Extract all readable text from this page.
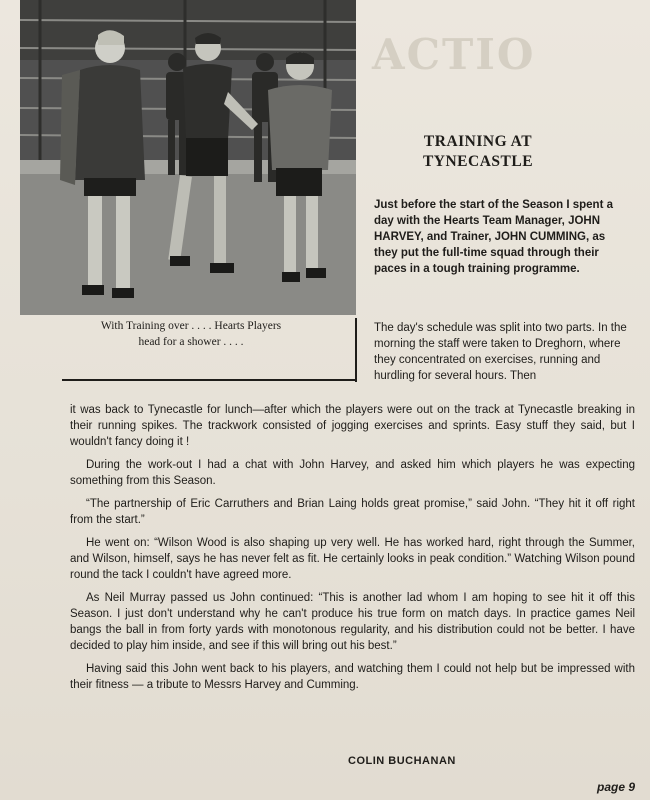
With Training over . . . . Hearts Players
head for a shower . . . .
ACTIO
TRAINING AT
TYNECASTLE
Just before the start of the Season I spent a day with the Hearts Team Manager, JOHN HARVEY, and Trainer, JOHN CUMMING, as they put the full-time squad through their paces in a tough training programme.
The day's schedule was split into two parts. In the morning the staff were taken to Dreghorn, where they concentrated on exercises, running and hurdling for several hours. Then

it was back to Tynecastle for lunch—after which the players were out on the track at Tynecastle breaking in their running spikes. The trackwork consisted of jogging exercises and sprints. Easy stuff they said, but I wouldn't fancy doing it !

During the work-out I had a chat with John Harvey, and asked him which players he was expecting something from this Season.

“The partnership of Eric Carruthers and Brian Laing holds great promise,” said John. “They hit it off right from the start.”

He went on: “Wilson Wood is also shaping up very well. He has worked hard, right through the Summer, and Wilson, himself, says he has never felt as fit. He certainly looks in peak condition.” Watching Wilson pound round the tack I couldn't have agreed more.

As Neil Murray passed us John continued: “This is another lad whom I am hoping to see hit it off this Season. I just don't understand why he can't produce his true form on match days. In practice games Neil bangs the ball in from forty yards with monotonous regularity, and his distribution could not be better. I have decided to play him inside, and see if this will bring out his best.”

Having said this John went back to his players, and watching them I could not help but be impressed with their fitness — a tribute to Messrs Harvey and Cumming.

COLIN BUCHANAN
page 9
